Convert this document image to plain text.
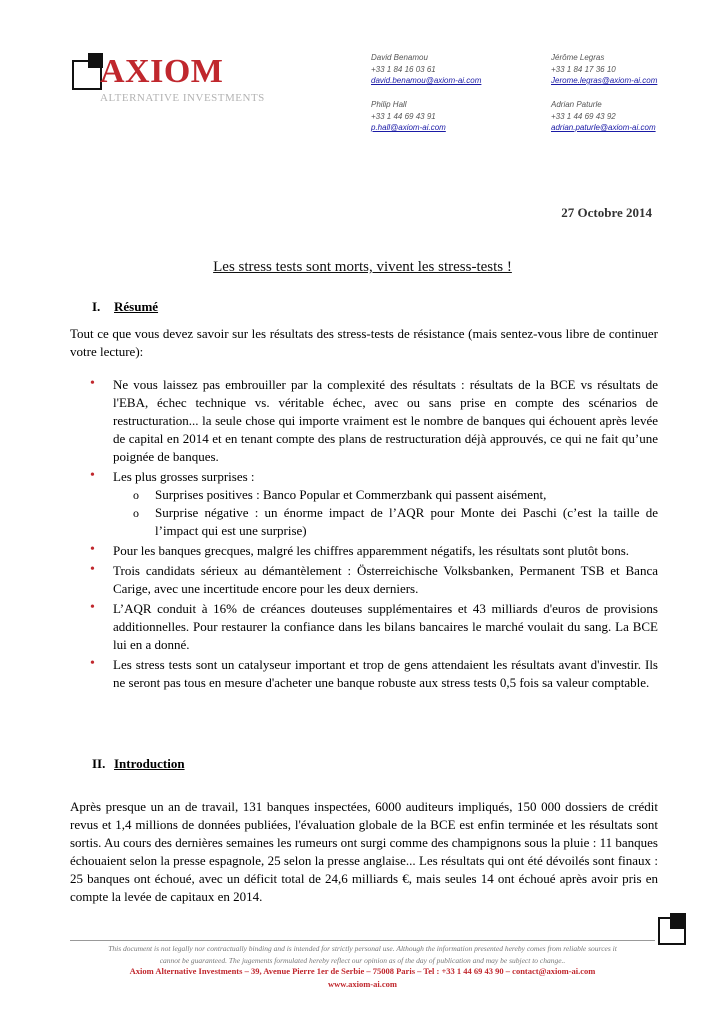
AXIOM
ALTERNATIVE INVESTMENTS
David Benamou
+33 1 84 16 03 61
david.benamou@axiom-ai.com
Jérôme Legras
+33 1 84 17 36 10
Jerome.legras@axiom-ai.com
Philip Hall
+33 1 44 69 43 91
p.hall@axiom-ai.com
Adrian Paturle
+33 1 44 69 43 92
adrian.paturle@axiom-ai.com
27 Octobre 2014
Les stress tests sont morts, vivent les stress-tests !
I. Résumé
Tout ce que vous devez savoir sur les résultats des stress-tests de résistance (mais sentez-vous libre de continuer votre lecture):
• Ne vous laissez pas embrouiller par la complexité des résultats : résultats de la BCE vs résultats de l'EBA, échec technique vs. véritable échec, avec ou sans prise en compte des scénarios de restructuration... la seule chose qui importe vraiment est le nombre de banques qui échouent après levée de capital en 2014 et en tenant compte des plans de restructuration déjà approuvés, ce qui ne fait qu’une poignée de banques.
• Les plus grosses surprises :
o Surprises positives : Banco Popular et Commerzbank qui passent aisément,
o Surprise négative : un énorme impact de l’AQR pour Monte dei Paschi (c’est la taille de l’impact qui est une surprise)
• Pour les banques grecques, malgré les chiffres apparemment négatifs, les résultats sont plutôt bons.
• Trois candidats sérieux au démantèlement : Österreichische Volksbanken, Permanent TSB et Banca Carige, avec une incertitude encore pour les deux derniers.
• L’AQR conduit à 16% de créances douteuses supplémentaires et 43 milliards d'euros de provisions additionnelles. Pour restaurer la confiance dans les bilans bancaires le marché voulait du sang. La BCE lui en a donné.
• Les stress tests sont un catalyseur important et trop de gens attendaient les résultats avant d'investir. Ils ne seront pas tous en mesure d'acheter une banque robuste aux stress tests 0,5 fois sa valeur comptable.
II. Introduction
Après presque un an de travail, 131 banques inspectées, 6000 auditeurs impliqués, 150 000 dossiers de crédit revus et 1,4 millions de données publiées, l'évaluation globale de la BCE est enfin terminée et les résultats sont sortis. Au cours des dernières semaines les rumeurs ont surgi comme des champignons sous la pluie : 11 banques échouaient selon la presse espagnole, 25 selon la presse anglaise... Les résultats qui ont été dévoilés sont finaux : 25 banques ont échoué, avec un déficit total de 24,6 milliards €, mais seules 14 ont échoué après avoir pris en compte la levée de capitaux en 2014.
This document is not legally nor contractually binding and is intended for strictly personal use. Although the information presented hereby comes from reliable sources it
cannot be guaranteed. The jugements formulated hereby reflect our opinion as of the day of publication and may be subject to change..
Axiom Alternative Investments – 39, Avenue Pierre 1er de Serbie – 75008 Paris – Tel : +33 1 44 69 43 90 – contact@axiom-ai.com
www.axiom-ai.com
